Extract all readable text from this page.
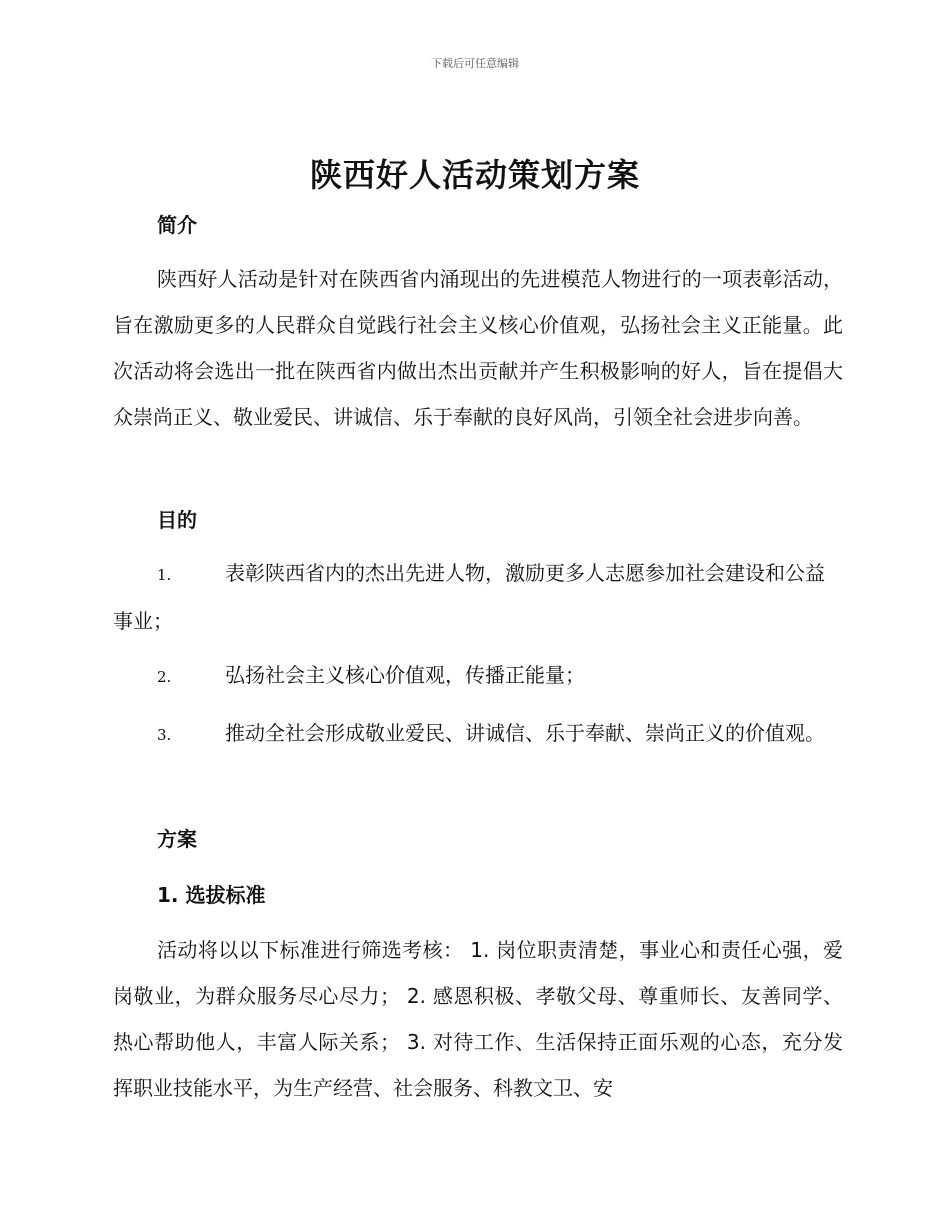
下载后可任意编辑
陕西好人活动策划方案
简介

陕西好人活动是针对在陕西省内涌现出的先进模范人物进行的一项表彰活动，旨在激励更多的人民群众自觉践行社会主义核心价值观，弘扬社会主义正能量。此次活动将会选出一批在陕西省内做出杰出贡献并产生积极影响的好人，旨在提倡大众崇尚正义、敬业爱民、讲诚信、乐于奉献的良好风尚，引领全社会进步向善。

目的

1.	表彰陕西省内的杰出先进人物，激励更多人志愿参加社会建设和公益事业；

2.	弘扬社会主义核心价值观，传播正能量；

3.	推动全社会形成敬业爱民、讲诚信、乐于奉献、崇尚正义的价值观。

方案
1. 选拔标准

活动将以以下标准进行筛选考核： 1. 岗位职责清楚，事业心和责任心强，爱岗敬业，为群众服务尽心尽力； 2. 感恩积极、孝敬父母、尊重师长、友善同学、热心帮助他人，丰富人际关系； 3. 对待工作、生活保持正面乐观的心态，充分发挥职业技能水平，为生产经营、社会服务、科教文卫、安
